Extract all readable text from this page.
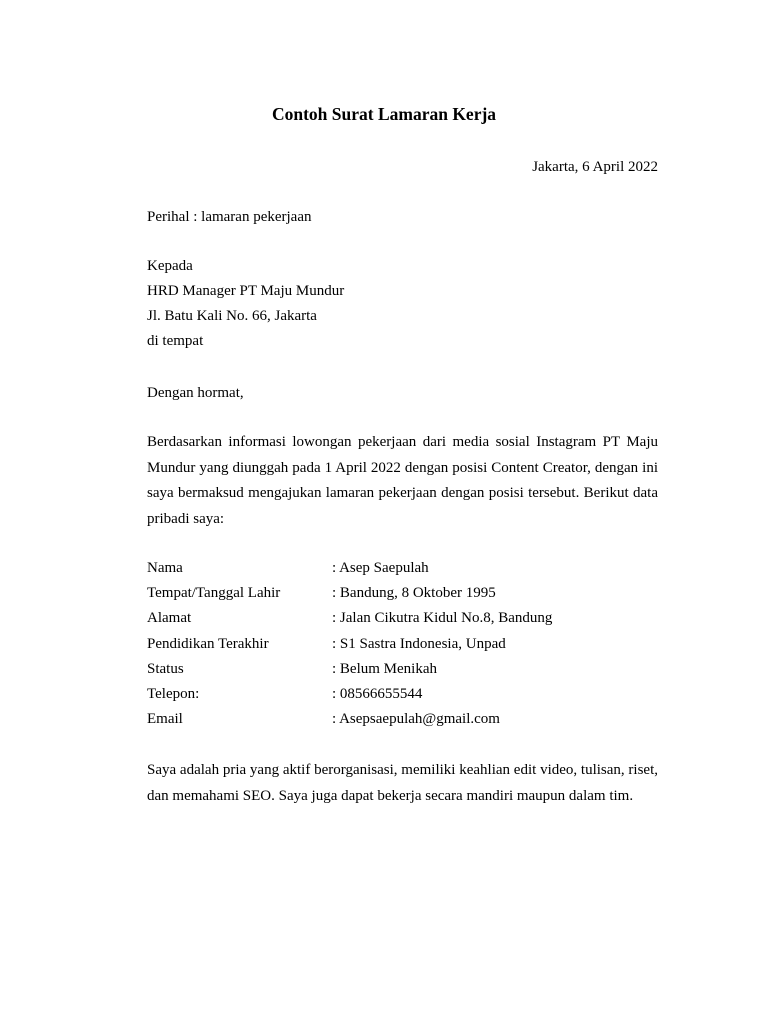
Contoh Surat Lamaran Kerja
Jakarta, 6 April 2022
Perihal : lamaran pekerjaan
Kepada
HRD Manager PT Maju Mundur
Jl. Batu Kali No. 66, Jakarta
di tempat
Dengan hormat,

Berdasarkan informasi lowongan pekerjaan dari media sosial Instagram PT Maju Mundur yang diunggah pada 1 April 2022 dengan posisi Content Creator, dengan ini saya bermaksud mengajukan lamaran pekerjaan dengan posisi tersebut. Berikut data pribadi saya:

Nama	: Asep Saepulah
Tempat/Tanggal Lahir	: Bandung, 8 Oktober 1995
Alamat	: Jalan Cikutra Kidul No.8, Bandung
Pendidikan Terakhir	: S1 Sastra Indonesia, Unpad
Status	: Belum Menikah
Telepon:	: 08566655544
Email	: Asepsaepulah@gmail.com

Saya adalah pria yang aktif berorganisasi, memiliki keahlian edit video, tulisan, riset, dan memahami SEO. Saya juga dapat bekerja secara mandiri maupun dalam tim.
